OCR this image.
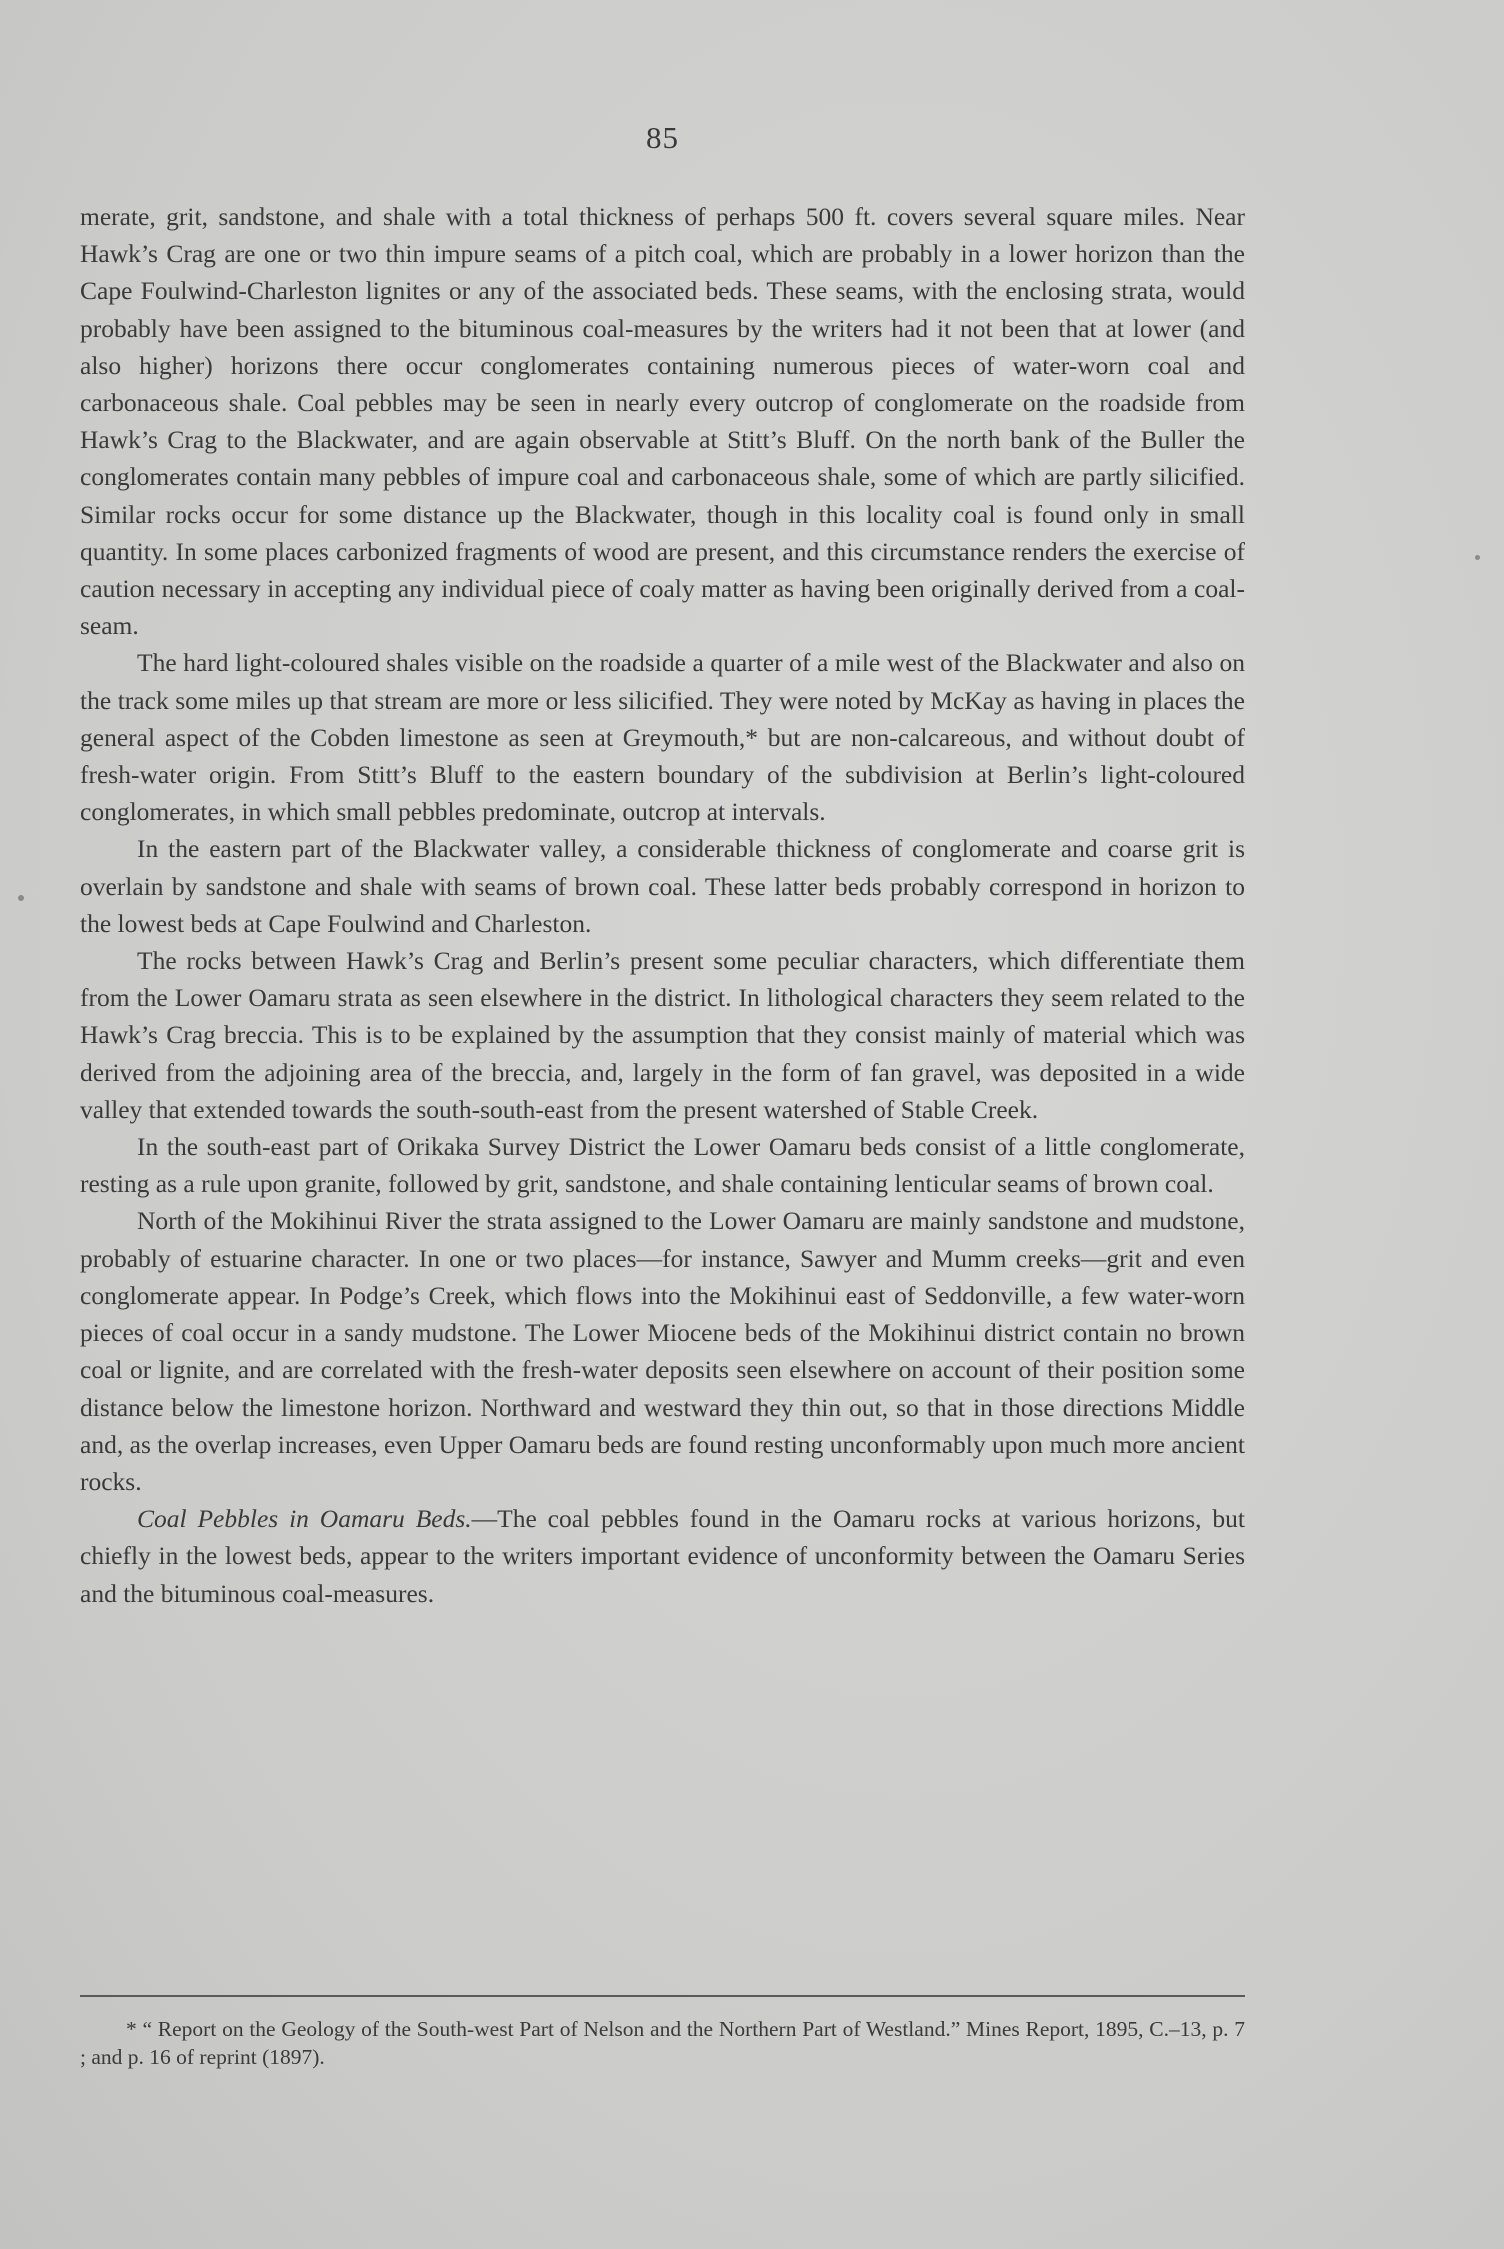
85

merate, grit, sandstone, and shale with a total thickness of perhaps 500 ft. covers several square miles. Near Hawk’s Crag are one or two thin impure seams of a pitch coal, which are probably in a lower horizon than the Cape Foulwind-Charleston lignites or any of the associated beds. These seams, with the enclosing strata, would probably have been assigned to the bituminous coal-measures by the writers had it not been that at lower (and also higher) horizons there occur conglomerates containing numerous pieces of water-worn coal and carbonaceous shale. Coal pebbles may be seen in nearly every outcrop of conglomerate on the roadside from Hawk’s Crag to the Blackwater, and are again observable at Stitt’s Bluff. On the north bank of the Buller the conglomerates contain many pebbles of impure coal and carbonaceous shale, some of which are partly silicified. Similar rocks occur for some distance up the Blackwater, though in this locality coal is found only in small quantity. In some places carbonized fragments of wood are present, and this circumstance renders the exercise of caution necessary in accepting any individual piece of coaly matter as having been originally derived from a coal-seam.

The hard light-coloured shales visible on the roadside a quarter of a mile west of the Blackwater and also on the track some miles up that stream are more or less silicified. They were noted by McKay as having in places the general aspect of the Cobden limestone as seen at Greymouth,* but are non-calcareous, and without doubt of fresh-water origin. From Stitt’s Bluff to the eastern boundary of the subdivision at Berlin’s light-coloured conglomerates, in which small pebbles predominate, outcrop at intervals.

In the eastern part of the Blackwater valley, a considerable thickness of conglomerate and coarse grit is overlain by sandstone and shale with seams of brown coal. These latter beds probably correspond in horizon to the lowest beds at Cape Foulwind and Charleston.

The rocks between Hawk’s Crag and Berlin’s present some peculiar characters, which differentiate them from the Lower Oamaru strata as seen elsewhere in the district. In lithological characters they seem related to the Hawk’s Crag breccia. This is to be explained by the assumption that they consist mainly of material which was derived from the adjoining area of the breccia, and, largely in the form of fan gravel, was deposited in a wide valley that extended towards the south-south-east from the present watershed of Stable Creek.

In the south-east part of Orikaka Survey District the Lower Oamaru beds consist of a little conglomerate, resting as a rule upon granite, followed by grit, sandstone, and shale containing lenticular seams of brown coal.

North of the Mokihinui River the strata assigned to the Lower Oamaru are mainly sandstone and mudstone, probably of estuarine character. In one or two places—for instance, Sawyer and Mumm creeks—grit and even conglomerate appear. In Podge’s Creek, which flows into the Mokihinui east of Seddonville, a few water-worn pieces of coal occur in a sandy mudstone. The Lower Miocene beds of the Mokihinui district contain no brown coal or lignite, and are correlated with the fresh-water deposits seen elsewhere on account of their position some distance below the limestone horizon. Northward and westward they thin out, so that in those directions Middle and, as the overlap increases, even Upper Oamaru beds are found resting unconformably upon much more ancient rocks.

Coal Pebbles in Oamaru Beds.—The coal pebbles found in the Oamaru rocks at various horizons, but chiefly in the lowest beds, appear to the writers important evidence of unconformity between the Oamaru Series and the bituminous coal-measures.

* “ Report on the Geology of the South-west Part of Nelson and the Northern Part of Westland.” Mines Report, 1895, C.–13, p. 7 ; and p. 16 of reprint (1897).
